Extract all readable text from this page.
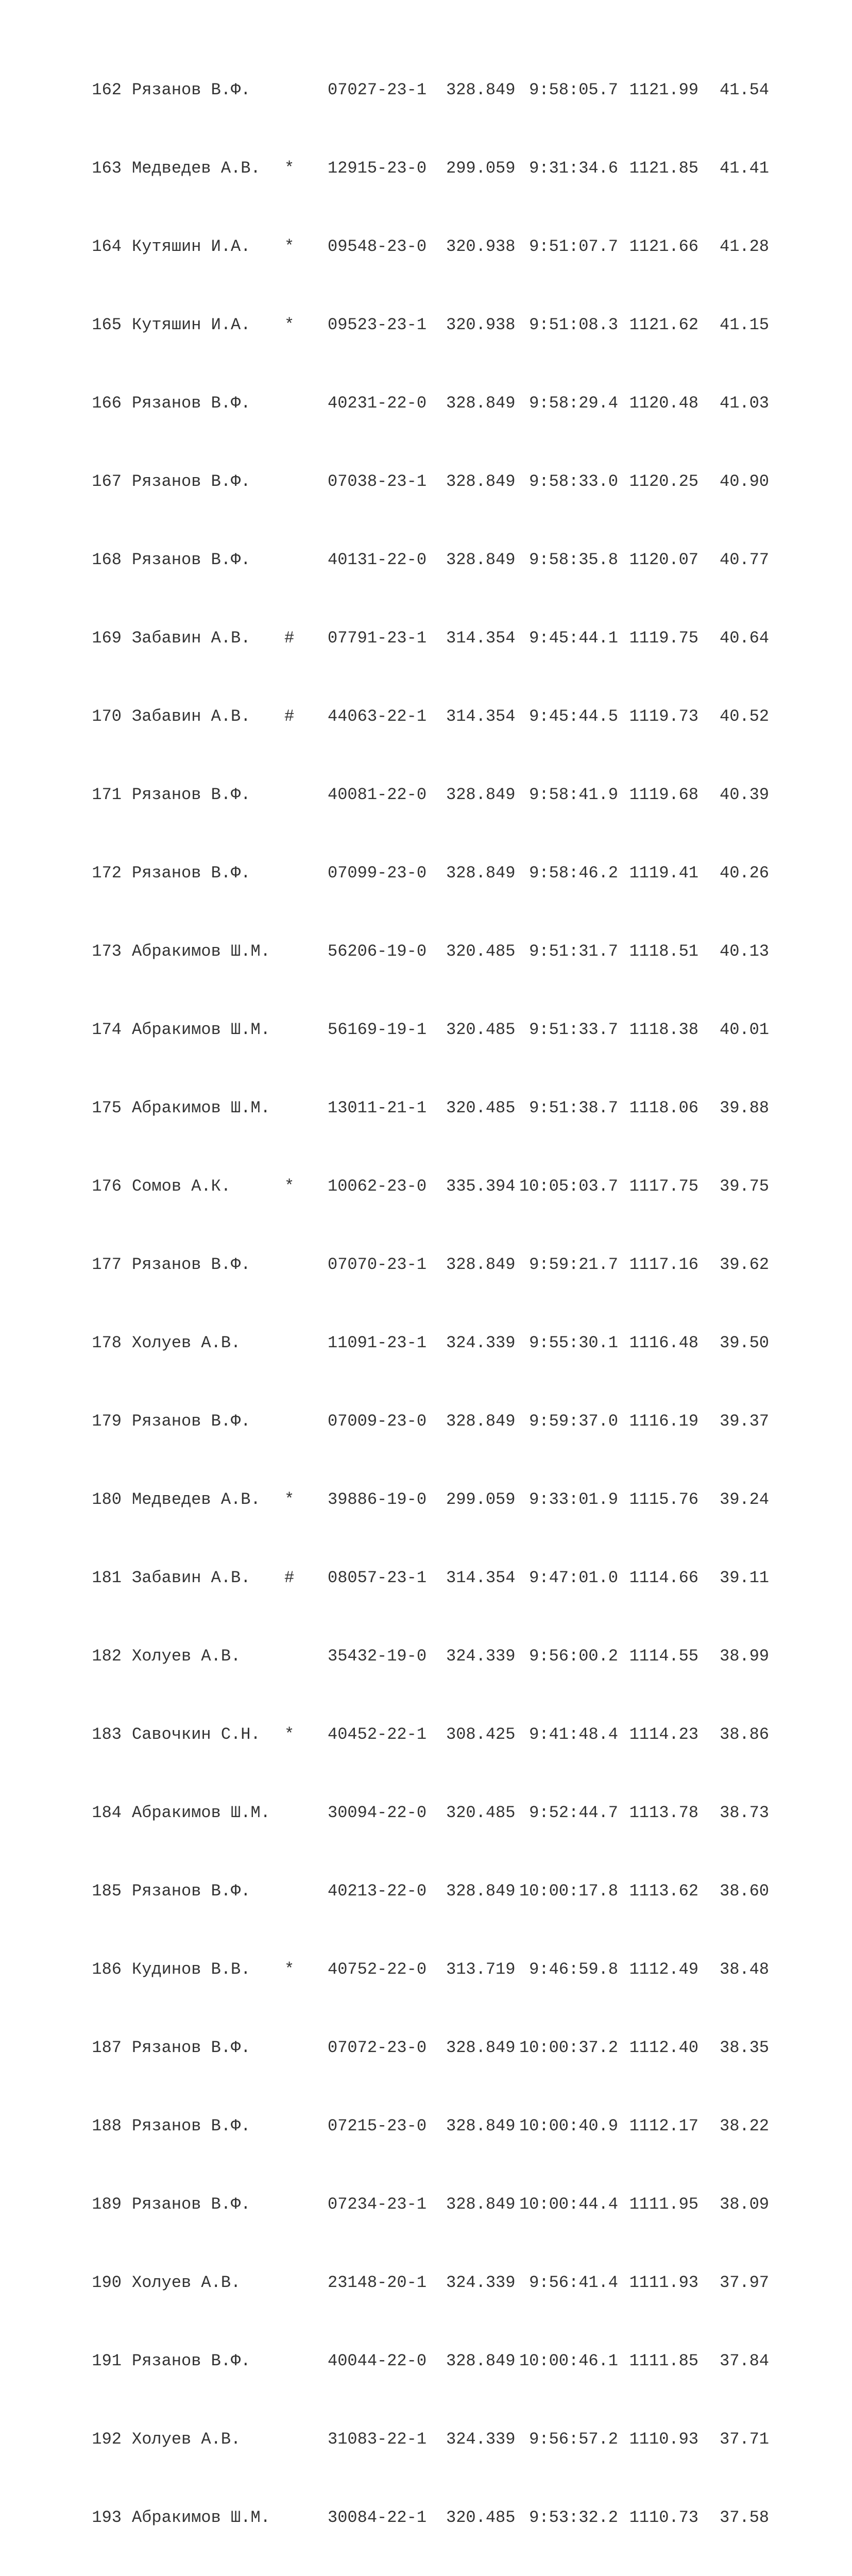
162 Рязанов В.Ф.	07027-23-1 328.849 9:58:05.7 1121.99 41.54

163 Медведев А.В. * 12915-23-0 299.059 9:31:34.6 1121.85 41.41

164 Кутяшин И.А. * 09548-23-0 320.938 9:51:07.7 1121.66 41.28

165 Кутяшин И.А. * 09523-23-1 320.938 9:51:08.3 1121.62 41.15

166 Рязанов В.Ф.	40231-22-0 328.849 9:58:29.4 1120.48 41.03

167 Рязанов В.Ф.	07038-23-1 328.849 9:58:33.0 1120.25 40.90

168 Рязанов В.Ф.	40131-22-0 328.849 9:58:35.8 1120.07 40.77

169 Забавин А.В. # 07791-23-1 314.354 9:45:44.1 1119.75 40.64

170 Забавин А.В. # 44063-22-1 314.354 9:45:44.5 1119.73 40.52

171 Рязанов В.Ф.	40081-22-0 328.849 9:58:41.9 1119.68 40.39

172 Рязанов В.Ф.	07099-23-0 328.849 9:58:46.2 1119.41 40.26

173 Абракимов Ш.М.	56206-19-0 320.485 9:51:31.7 1118.51 40.13

174 Абракимов Ш.М.	56169-19-1 320.485 9:51:33.7 1118.38 40.01

175 Абракимов Ш.М.	13011-21-1 320.485 9:51:38.7 1118.06 39.88

176 Сомов А.К.	* 10062-23-0 335.394 10:05:03.7 1117.75 39.75

177 Рязанов В.Ф.	07070-23-1 328.849 9:59:21.7 1117.16 39.62

178 Холуев А.В.	11091-23-1 324.339 9:55:30.1 1116.48 39.50

179 Рязанов В.Ф.	07009-23-0 328.849 9:59:37.0 1116.19 39.37

180 Медведев А.В. * 39886-19-0 299.059 9:33:01.9 1115.76 39.24

181 Забавин А.В. # 08057-23-1 314.354 9:47:01.0 1114.66 39.11

182 Холуев А.В.	35432-19-0 324.339 9:56:00.2 1114.55 38.99

183 Савочкин С.Н. * 40452-22-1 308.425 9:41:48.4 1114.23 38.86

184 Абракимов Ш.М.	30094-22-0 320.485 9:52:44.7 1113.78 38.73

185 Рязанов В.Ф.	40213-22-0 328.849 10:00:17.8 1113.62 38.60

186 Кудинов В.В. * 40752-22-0 313.719 9:46:59.8 1112.49 38.48

187 Рязанов В.Ф.	07072-23-0 328.849 10:00:37.2 1112.40 38.35

188 Рязанов В.Ф.	07215-23-0 328.849 10:00:40.9 1112.17 38.22

189 Рязанов В.Ф.	07234-23-1 328.849 10:00:44.4 1111.95 38.09

190 Холуев А.В.	23148-20-1 324.339 9:56:41.4 1111.93 37.97

191 Рязанов В.Ф.	40044-22-0 328.849 10:00:46.1 1111.85 37.84

192 Холуев А.В.	31083-22-1 324.339 9:56:57.2 1110.93 37.71

193 Абракимов Ш.М.	30084-22-1 320.485 9:53:32.2 1110.73 37.58
